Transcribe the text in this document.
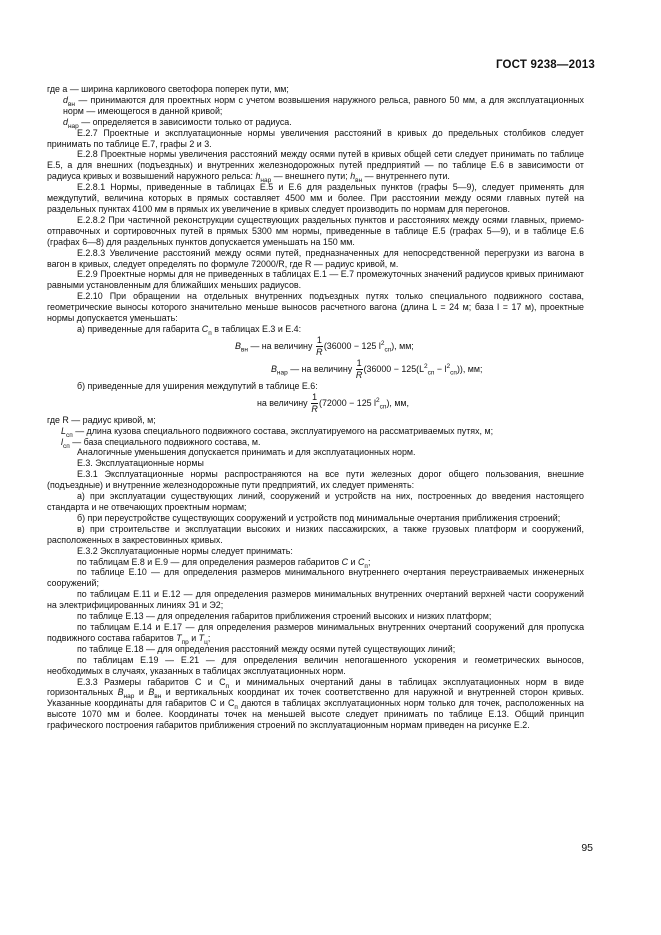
ГОСТ 9238—2013

где а — ширина карликового светофора поперек пути, мм;

$d_{вн}$ — принимаются для проектных норм с учетом возвышения наружного рельса, равного 50 мм, а для эксплуатационных норм — имеющегося в данной кривой;

$d_{нар}$ — определяется в зависимости только от радиуса.

Е.2.7 Проектные и эксплуатационные нормы увеличения расстояний в кривых до предельных столбиков следует принимать по таблице Е.7, графы 2 и 3.

Е.2.8 Проектные нормы увеличения расстояний между осями путей в кривых общей сети следует принимать по таблице Е.5, а для внешних (подъездных) и внутренних железнодорожных путей предприятий — по таблице Е.6 в зависимости от радиуса кривых и возвышений наружного рельса: $h_{нар}$ — внешнего пути; $h_{вн}$ — внутреннего пути.

Е.2.8.1 Нормы, приведенные в таблицах Е.5 и Е.6 для раздельных пунктов (графы 5—9), следует применять для междупутий, величина которых в прямых составляет 4500 мм и более. При расстоянии между осями главных путей на раздельных пунктах 4100 мм в прямых их увеличение в кривых следует производить по нормам для перегонов.

Е.2.8.2 При частичной реконструкции существующих раздельных пунктов и расстояниях между осями главных, приемо-отправочных и сортировочных путей в прямых 5300 мм нормы, приведенные в таблице Е.5 (графах 5—9), и в таблице Е.6 (графах 6—8) для раздельных пунктов допускается уменьшать на 150 мм.

Е.2.8.3 Увеличение расстояний между осями путей, предназначенных для непосредственной перегрузки из вагона в вагон в кривых, следует определять по формуле 72000/R, где R — радиус кривой, м.

Е.2.9 Проектные нормы для не приведенных в таблицах Е.1 — Е.7 промежуточных значений радиусов кривых принимают равными установленным для ближайших меньших радиусов.

Е.2.10 При обращении на отдельных внутренних подъездных путях только специального подвижного состава, геометрические выносы которого значительно меньше выносов расчетного вагона (длина L = 24 м; база l = 17 м), проектные нормы допускается уменьшать:

а) приведенные для габарита $С_п$ в таблицах Е.3 и Е.4:

$B_{вн}$ — на величину $\frac{1}{R} (36000 - 125$ $l^2_{сп}$), мм;

$B_{нар}$ — на величину $\frac{1}{R} (36000 - 125(L^2_{сп} - l^2_{сп}))$, мм;

б) приведенные для уширения междупутий в таблице Е.6:

на величину $\frac{1}{R} (72000 - 125$ $l^2_{сп}$), мм,

где R — радиус кривой, м;

$L_{сп}$ — длина кузова специального подвижного состава, эксплуатируемого на рассматриваемых путях, м;

$l_{сп}$ — база специального подвижного состава, м.

Аналогичные уменьшения допускается принимать и для эксплуатационных норм.

Е.3. Эксплуатационные нормы

Е.3.1 Эксплуатационные нормы распространяются на все пути железных дорог общего пользования, внешние (подъездные) и внутренние железнодорожные пути предприятий, их следует применять:

а) при эксплуатации существующих линий, сооружений и устройств на них, построенных до введения настоящего стандарта и не отвечающих проектным нормам;

б) при переустройстве существующих сооружений и устройств под минимальные очертания приближения строений;

в) при строительстве и эксплуатации высоких и низких пассажирских, а также грузовых платформ и сооружений, расположенных в закрестовинных кривых.

Е.3.2 Эксплуатационные нормы следует принимать:

по таблицам Е.8 и Е.9 — для определения размеров габаритов С и $С_п$;

по таблице Е.10 — для определения размеров минимального внутреннего очертания переустраиваемых инженерных сооружений;

по таблицам Е.11 и Е.12 — для определения размеров минимальных внутренних очертаний верхней части сооружений на электрифицированных линиях Э1 и Э2;

по таблице Е.13 — для определения габаритов приближения строений высоких и низких платформ;

по таблицам Е.14 и Е.17 — для определения размеров минимальных внутренних очертаний сооружений для пропуска подвижного состава габаритов $Т_{пр}$ и $Т_ц$;

по таблице Е.18 — для определения расстояний между осями путей существующих линий;

по таблицам Е.19 — Е.21 — для определения величин непогашенного ускорения и геометрических выносов, необходимых в случаях, указанных в таблицах эксплуатационных норм.

Е.3.3 Размеры габаритов С и $С_п$ и минимальных очертаний даны в таблицах эксплуатационных норм в виде горизонтальных $B_{нар}$ и $B_{вн}$ и вертикальных координат их точек соответственно для наружной и внутренней сторон кривых. Указанные координаты для габаритов С и $С_п$ даются в таблицах эксплуатационных норм только для точек, расположенных на высоте 1070 мм и более. Координаты точек на меньшей высоте следует принимать по таблице Е.13. Общий принцип графического построения габаритов приближения строений по эксплуатационным нормам приведен на рисунке Е.2.

95
